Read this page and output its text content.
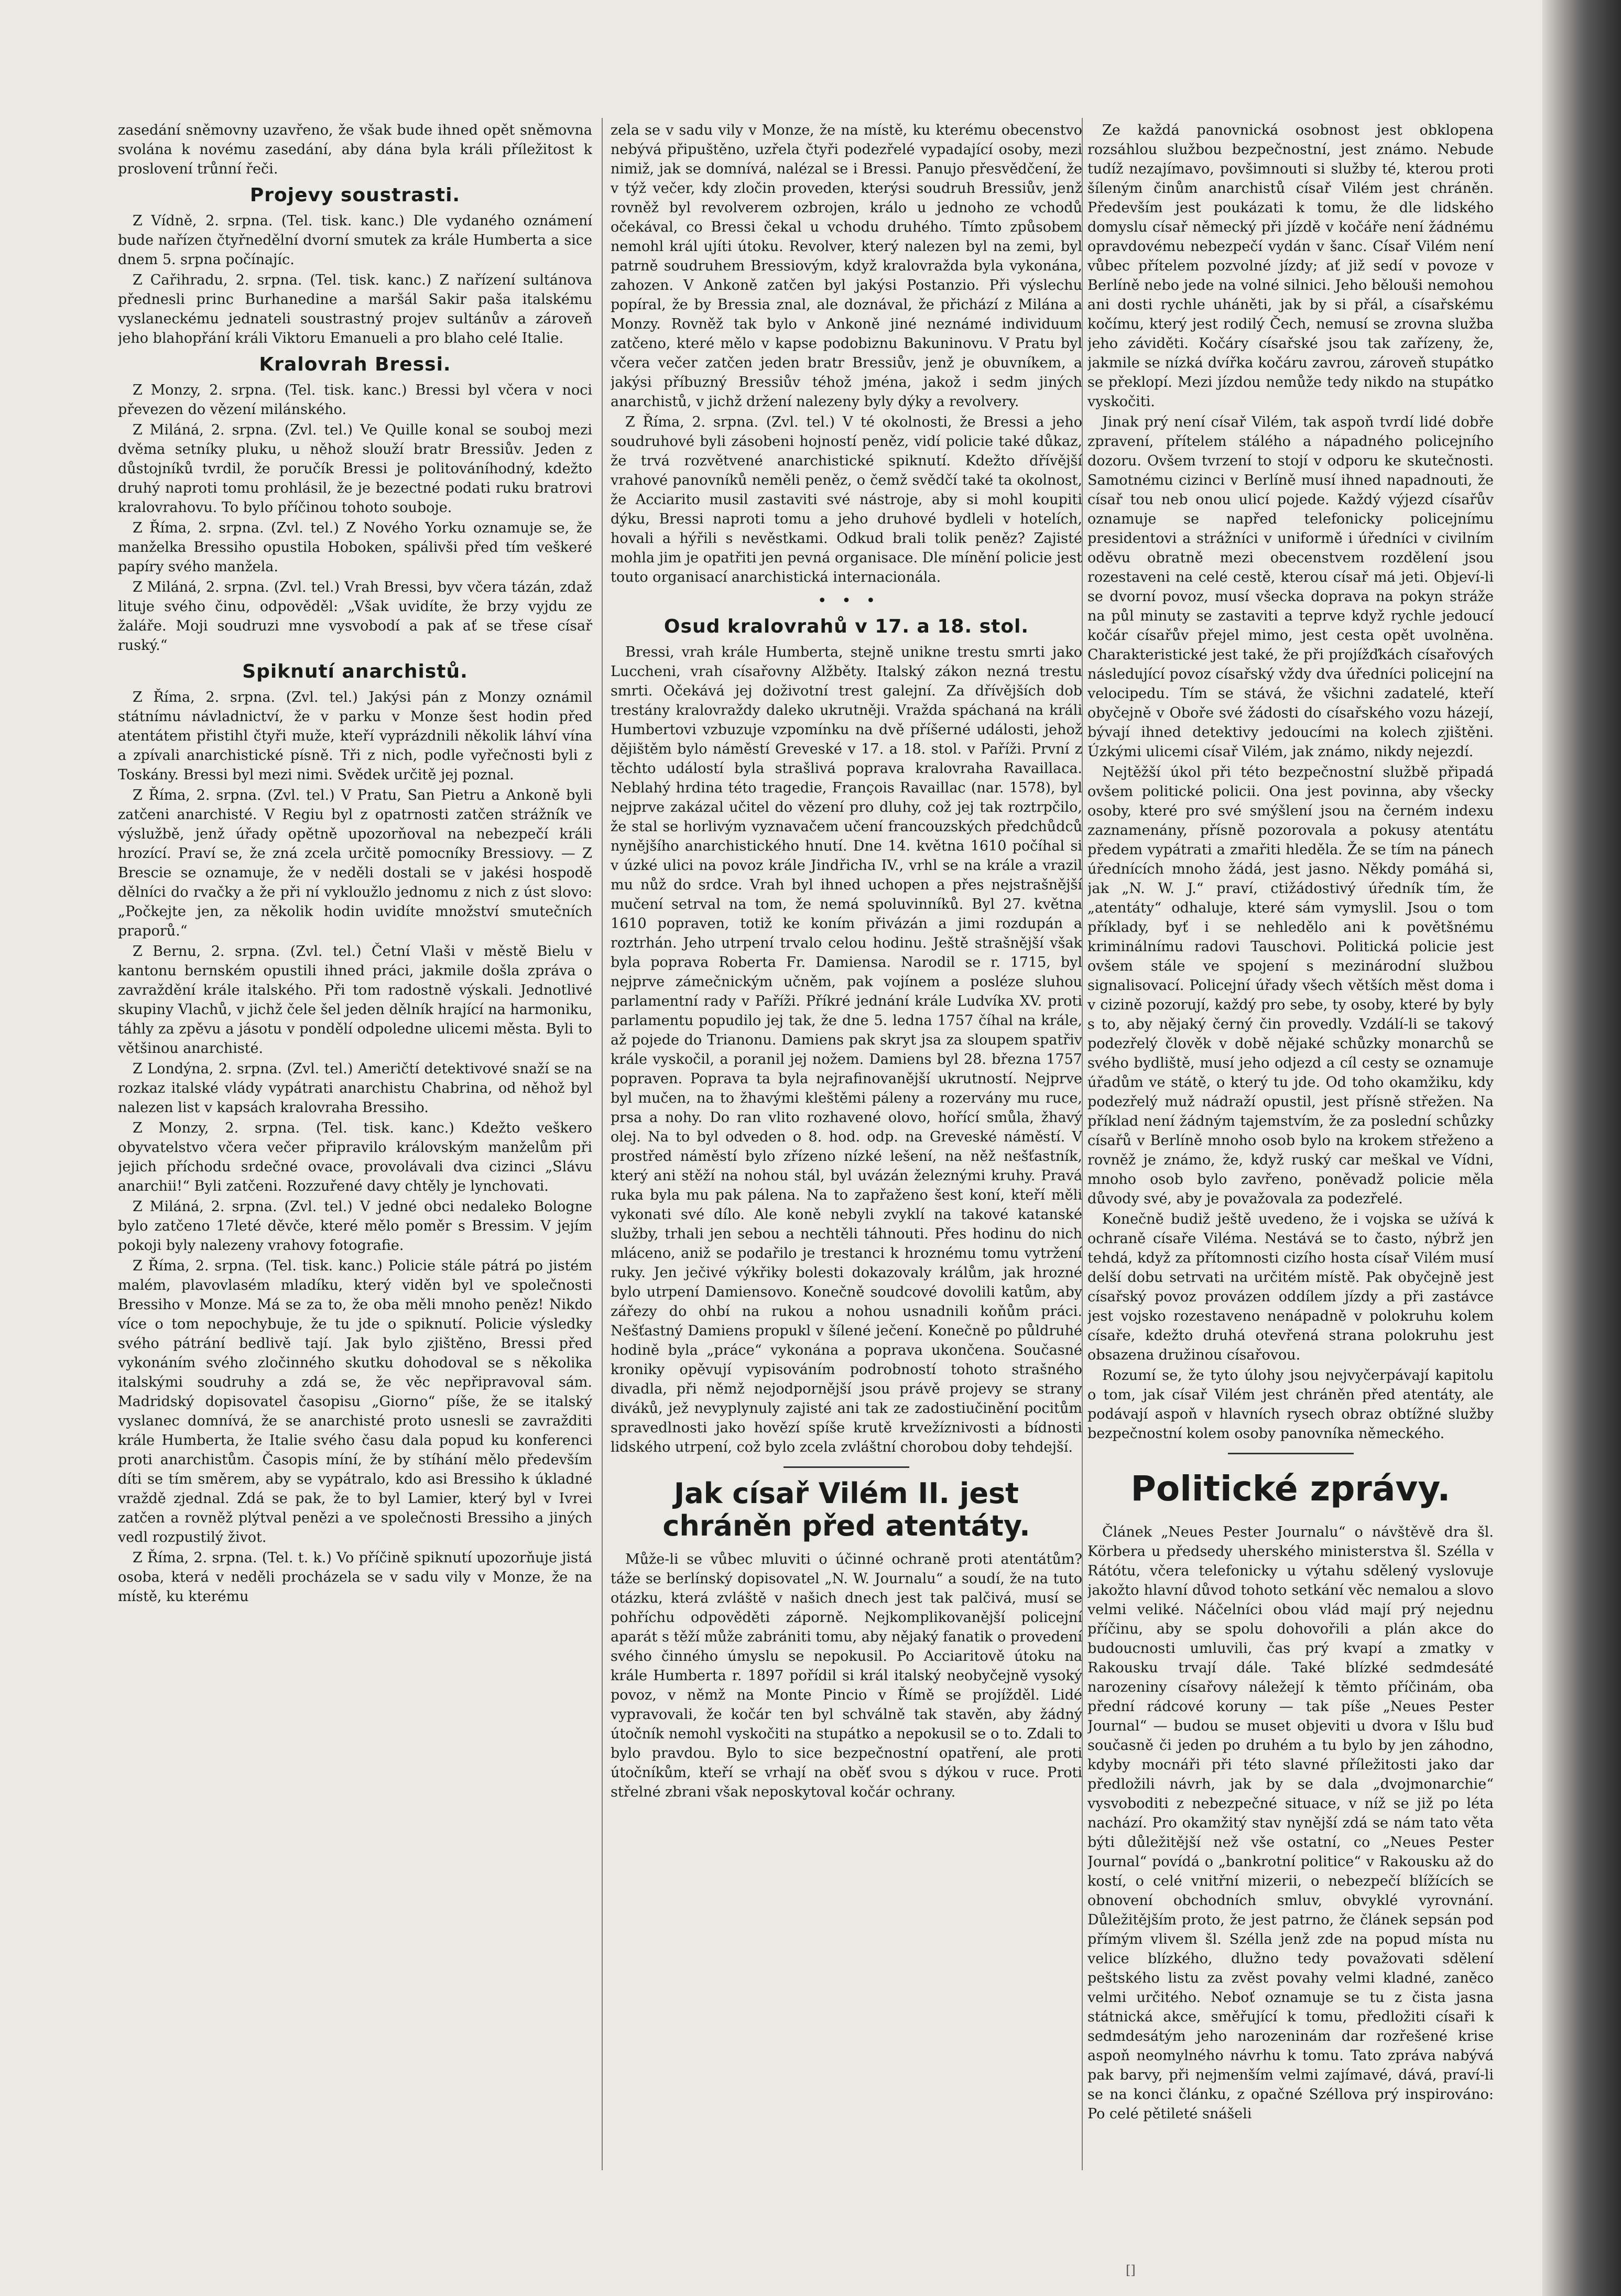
zasedání sněmovny uzavřeno, že však bude ihned opět sněmovna svolána k novému zasedání, aby dána byla králi příležitost k proslovení trůnní řeči.

Projevy soustrasti.

Z Vídně, 2. srpna. (Tel. tisk. kanc.) Dle vydaného oznámení bude nařízen čtyřnedělní dvorní smutek za krále Humberta a sice dnem 5. srpna počínajíc.

Z Cařihradu, 2. srpna. (Tel. tisk. kanc.) Z nařízení sultánova přednesli princ Burhanedine a maršál Sakir paša italskému vyslaneckému jednateli soustrastný projev sultánův a zároveň jeho blahopřání králi Viktoru Emanueli a pro blaho celé Italie.

Kralovrah Bressi.

Z Monzy, 2. srpna. (Tel. tisk. kanc.) Bressi byl včera v noci převezen do vězení milánského.

Z Miláná, 2. srpna. (Zvl. tel.) Ve Quille konal se souboj mezi dvěma setníky pluku, u něhož slouží bratr Bressiův. Jeden z důstojníků tvrdil, že poručík Bressi je politováníhodný, kdežto druhý naproti tomu prohlásil, že je bezectné podati ruku bratrovi kralovrahovu. To bylo příčinou tohoto souboje.

Z Říma, 2. srpna. (Zvl. tel.) Z Nového Yorku oznamuje se, že manželka Bressiho opustila Hoboken, spálivši před tím veškeré papíry svého manžela.

Z Miláná, 2. srpna. (Zvl. tel.) Vrah Bressi, byv včera tázán, zdaž lituje svého činu, odpověděl: „Však uvidíte, že brzy vyjdu ze žaláře. Moji soudruzi mne vysvobodí a pak ať se třese císař ruský.“

Spiknutí anarchistů.

Z Říma, 2. srpna. (Zvl. tel.) Jakýsi pán z Monzy oznámil státnímu návladnictví, že v parku v Monze šest hodin před atentátem přistihl čtyři muže, kteří vyprázdnili několik láhví vína a zpívali anarchistické písně. Tři z nich, podle vyřečnosti byli z Toskány. Bressi byl mezi nimi. Svědek určitě jej poznal.

Z Říma, 2. srpna. (Zvl. tel.) V Pratu, San Pietru a Ankoně byli zatčeni anarchisté. V Regiu byl z opatrnosti zatčen strážník ve výslužbě, jenž úřady opětně upozorňoval na nebezpečí králi hrozící. Praví se, že zná zcela určitě pomocníky Bressiovy. — Z Brescie se oznamuje, že v neděli dostali se v jakési hospodě dělníci do rvačky a že při ní vykloužlo jednomu z nich z úst slovo: „Počkejte jen, za několik hodin uvidíte množství smutečních praporů.“

Z Bernu, 2. srpna. (Zvl. tel.) Četní Vlaši v městě Bielu v kantonu bernském opustili ihned práci, jakmile došla zpráva o zavraždění krále italského. Při tom radostně výskali. Jednotlivé skupiny Vlachů, v jichž čele šel jeden dělník hrající na harmoniku, táhly za zpěvu a jásotu v pondělí odpoledne ulicemi města. Byli to většinou anarchisté.

Z Londýna, 2. srpna. (Zvl. tel.) Američtí detektivové snaží se na rozkaz italské vlády vypátrati anarchistu Chabrina, od něhož byl nalezen list v kapsách kralovraha Bressiho.

Z Monzy, 2. srpna. (Tel. tisk. kanc.) Kdežto veškero obyvatelstvo včera večer připravilo královským manželům při jejich příchodu srdečné ovace, provolávali dva cizinci „Slávu anarchii!“ Byli zatčeni. Rozzuřené davy chtěly je lynchovati.

Z Miláná, 2. srpna. (Zvl. tel.) V jedné obci nedaleko Bologne bylo zatčeno 17leté děvče, které mělo poměr s Bressim. V jejím pokoji byly nalezeny vrahovy fotografie.

Z Říma, 2. srpna. (Tel. tisk. kanc.) Policie stále pátrá po jistém malém, plavovlasém mladíku, který viděn byl ve společnosti Bressiho v Monze. Má se za to, že oba měli mnoho peněz! Nikdo více o tom nepochybuje, že tu jde o spiknutí. Policie výsledky svého pátrání bedlivě tají. Jak bylo zjištěno, Bressi před vykonáním svého zločinného skutku dohodoval se s několika italskými soudruhy a zdá se, že věc nepřipravoval sám. Madridský dopisovatel časopisu „Giorno“ píše, že se italský vyslanec domnívá, že se anarchisté proto usnesli se zavražditi krále Humberta, že Italie svého času dala popud ku konferenci proti anarchistům. Časopis míní, že by stíhání mělo především díti se tím směrem, aby se vypátralo, kdo asi Bressiho k úkladné vraždě zjednal. Zdá se pak, že to byl Lamier, který byl v Ivrei zatčen a rovněž plýtval penězi a ve společnosti Bressiho a jiných vedl rozpustilý život.

Z Říma, 2. srpna. (Tel. t. k.) Vo příčině spiknutí upozorňuje jistá osoba, která v neděli procházela se v sadu vily v Monze, že na místě, ku kterému

zela se v sadu vily v Monze, že na místě, ku kterému obecenstvo nebývá připuštěno, uzřela čtyři podezřelé vypadající osoby, mezi nimiž, jak se domnívá, nalézal se i Bressi. Panujo přesvědčení, že v týž večer, kdy zločin proveden, kterýsi soudruh Bressiův, jenž rovněž byl revolverem ozbrojen, králo u jednoho ze vchodů očekával, co Bressi čekal u vchodu druhého. Tímto způsobem nemohl král ujíti útoku. Revolver, který nalezen byl na zemi, byl patrně soudruhem Bressiovým, když kralovražda byla vykonána, zahozen. V Ankoně zatčen byl jakýsi Postanzio. Při výslechu popíral, že by Bressia znal, ale doznával, že přichází z Milána a Monzy. Rovněž tak bylo v Ankoně jiné neznámé individuum zatčeno, které mělo v kapse podobiznu Bakuninovu. V Pratu byl včera večer zatčen jeden bratr Bressiův, jenž je obuvníkem, a jakýsi příbuzný Bressiův téhož jména, jakož i sedm jiných anarchistů, v jichž držení nalezeny byly dýky a revolvery.

Z Říma, 2. srpna. (Zvl. tel.) V té okolnosti, že Bressi a jeho soudruhové byli zásobeni hojností peněz, vidí policie také důkaz, že trvá rozvětvené anarchistické spiknutí. Kdežto dřívější vrahové panovníků neměli peněz, o čemž svědčí také ta okolnost, že Acciarito musil zastaviti své nástroje, aby si mohl koupiti dýku, Bressi naproti tomu a jeho druhové bydleli v hotelích, hovali a hýřili s nevěstkami. Odkud brali tolik peněz? Zajisté mohla jim je opatřiti jen pevná organisace. Dle mínění policie jest touto organisací anarchistická internacionála.

•   •   •
Osud kralovrahů v 17. a 18. stol.

Bressi, vrah krále Humberta, stejně unikne trestu smrti jako Luccheni, vrah císařovny Alžběty. Italský zákon nezná trestu smrti. Očekává jej doživotní trest galejní. Za dřívějších dob trestány kralovraždy daleko ukrutněji. Vražda spáchaná na králi Humbertovi vzbuzuje vzpomínku na dvě příšerné události, jehož dějištěm bylo náměstí Greveské v 17. a 18. stol. v Paříži. První z těchto událostí byla strašlivá poprava kralovraha Ravaillaca. Neblahý hrdina této tragedie, François Ravaillac (nar. 1578), byl nejprve zakázal učitel do vězení pro dluhy, což jej tak roztrpčilo, že stal se horlivým vyznavačem učení francouzských předchůdců nynějšího anarchistického hnutí. Dne 14. května 1610 počíhal si v úzké ulici na povoz krále Jindřicha IV., vrhl se na krále a vrazil mu nůž do srdce. Vrah byl ihned uchopen a přes nejstrašnější mučení setrval na tom, že nemá spoluvinníků. Byl 27. května 1610 popraven, totiž ke koním přivázán a jimi rozdupán a roztrhán. Jeho utrpení trvalo celou hodinu. Ještě strašnější však byla poprava Roberta Fr. Damiensa. Narodil se r. 1715, byl nejprve zámečnickým učněm, pak vojínem a posléze sluhou parlamentní rady v Paříži. Příkré jednání krále Ludvíka XV. proti parlamentu popudilo jej tak, že dne 5. ledna 1757 číhal na krále, až pojede do Trianonu. Damiens pak skryt jsa za sloupem spatřiv krále vyskočil, a poranil jej nožem. Damiens byl 28. března 1757 popraven. Poprava ta byla nejrafinovanější ukrutností. Nejprve byl mučen, na to žhavými kleštěmi páleny a rozervány mu ruce, prsa a nohy. Do ran vlito rozhavené olovo, hořící smůla, žhavý olej. Na to byl odveden o 8. hod. odp. na Greveské náměstí. V prostřed náměstí bylo zřízeno nízké lešení, na něž nešťastník, který ani stěží na nohou stál, byl uvázán železnými kruhy. Pravá ruka byla mu pak pálena. Na to zapřaženo šest koní, kteří měli vykonati své dílo. Ale koně nebyli zvyklí na takové katanské služby, trhali jen sebou a nechtěli táhnouti. Přes hodinu do nich mláceno, aniž se podařilo je trestanci k hroznému tomu vytržení ruky. Jen ječivé výkřiky bolesti dokazovaly králům, jak hrozné bylo utrpení Damiensovo. Konečně soudcové dovolili katům, aby zářezy do ohbí na rukou a nohou usnadnili koňům práci. Nešťastný Damiens propukl v šílené ječení. Konečně po půldruhé hodině byla „práce“ vykonána a poprava ukončena. Současné kroniky opěvují vypisováním podrobností tohoto strašného divadla, při němž nejodpornější jsou právě projevy se strany diváků, jež nevyplynuly zajisté ani tak ze zadostiučinění pocitům spravedlnosti jako hovězí spíše krutě krvežíznivosti a bídnosti lidského utrpení, což bylo zcela zvláštní chorobou doby tehdejší.

Jak císař Vilém II. jest chráněn před atentáty.

Může-li se vůbec mluviti o účinné ochraně proti atentátům? táže se berlínský dopisovatel „N. W. Journalu“ a soudí, že na tuto otázku, která zvláště v našich dnech jest tak palčivá, musí se pohříchu odpověděti záporně. Nejkomplikovanější policejní aparát s těží může zabrániti tomu, aby nějaký fanatik o provedení svého činného úmyslu se nepokusil. Po Acciaritově útoku na krále Humberta r. 1897 pořídil si král italský neobyčejně vysoký povoz, v němž na Monte Pincio v Římě se projížděl. Lidé vypravovali, že kočár ten byl schválně tak stavěn, aby žádný útočník nemohl vyskočiti na stupátko a nepokusil se o to. Zdali to bylo pravdou. Bylo to sice bezpečnostní opatření, ale proti útočníkům, kteří se vrhají na oběť svou s dýkou v ruce. Proti střelné zbrani však neposkytoval kočár ochrany.

Ze každá panovnická osobnost jest obklopena rozsáhlou službou bezpečnostní, jest známo. Nebude tudíž nezajímavo, povšimnouti si služby té, kterou proti šíleným činům anarchistů císař Vilém jest chráněn. Především jest poukázati k tomu, že dle lidského domyslu císař německý při jízdě v kočáře není žádnému opravdovému nebezpečí vydán v šanc. Císař Vilém není vůbec přítelem pozvolné jízdy; ať již sedí v povoze v Berlíně nebo jede na volné silnici. Jeho bělouši nemohou ani dosti rychle uháněti, jak by si přál, a císařskému kočímu, který jest rodilý Čech, nemusí se zrovna služba jeho záviděti. Kočáry císařské jsou tak zařízeny, že, jakmile se nízká dvířka kočáru zavrou, zároveň stupátko se překlopí. Mezi jízdou nemůže tedy nikdo na stupátko vyskočiti.

Jinak prý není císař Vilém, tak aspoň tvrdí lidé dobře zpravení, přítelem stálého a nápadného policejního dozoru. Ovšem tvrzení to stojí v odporu ke skutečnosti. Samotnému cizinci v Berlíně musí ihned napadnouti, že císař tou neb onou ulicí pojede. Každý výjezd císařův oznamuje se napřed telefonicky policejnímu presidentovi a strážníci v uniformě i úředníci v civilním oděvu obratně mezi obecenstvem rozdělení jsou rozestaveni na celé cestě, kterou císař má jeti. Objeví-li se dvorní povoz, musí všecka doprava na pokyn stráže na půl minuty se zastaviti a teprve když rychle jedoucí kočár císařův přejel mimo, jest cesta opět uvolněna. Charakteristické jest také, že při projížďkách císařových následující povoz císařský vždy dva úředníci policejní na velocipedu. Tím se stává, že všichni zadatelé, kteří obyčejně v Oboře své žádosti do císařského vozu házejí, bývají ihned detektivy jedoucími na kolech zjištěni. Úzkými ulicemi císař Vilém, jak známo, nikdy nejezdí.

Nejtěžší úkol při této bezpečnostní službě připadá ovšem politické policii. Ona jest povinna, aby všecky osoby, které pro své smýšlení jsou na černém indexu zaznamenány, přísně pozorovala a pokusy atentátu předem vypátrati a zmařiti hleděla. Že se tím na pánech úřednících mnoho žádá, jest jasno. Někdy pomáhá si, jak „N. W. J.“ praví, ctižádostivý úředník tím, že „atentáty“ odhaluje, které sám vymyslil. Jsou o tom příklady, byť i se nehledělo ani k povětšnému kriminálnímu radovi Tauschovi. Politická policie jest ovšem stále ve spojení s mezinárodní službou signalisovací. Policejní úřady všech větších měst doma i v cizině pozorují, každý pro sebe, ty osoby, které by byly s to, aby nějaký černý čin provedly. Vzdálí-li se takový podezřelý člověk v době nějaké schůzky monarchů se svého bydliště, musí jeho odjezd a cíl cesty se oznamuje úřadům ve státě, o který tu jde. Od toho okamžiku, kdy podezřelý muž nádraží opustil, jest přísně střežen. Na příklad není žádným tajemstvím, že za poslední schůzky císařů v Berlíně mnoho osob bylo na krokem střeženo a rovněž je známo, že, když ruský car meškal ve Vídni, mnoho osob bylo zavřeno, poněvadž policie měla důvody své, aby je považovala za podezřelé.

Konečně budiž ještě uvedeno, že i vojska se užívá k ochraně císaře Viléma. Nestává se to často, nýbrž jen tehdá, když za přítomnosti cizího hosta císař Vilém musí delší dobu setrvati na určitém místě. Pak obyčejně jest císařský povoz provázen oddílem jízdy a při zastávce jest vojsko rozestaveno nenápadně v polokruhu kolem císaře, kdežto druhá otevřená strana polokruhu jest obsazena družinou císařovou.

Rozumí se, že tyto úlohy jsou nejvyčerpávají kapitolu o tom, jak císař Vilém jest chráněn před atentáty, ale podávají aspoň v hlavních rysech obraz obtížné služby bezpečnostní kolem osoby panovníka německého.

Politické zprávy.

Článek „Neues Pester Journalu“ o návštěvě dra šl. Körbera u předsedy uherského ministerstva šl. Szélla v Rátótu, včera telefonicky u výtahu sdělený vyslovuje jakožto hlavní důvod tohoto setkání věc nemalou a slovo velmi veliké. Náčelníci obou vlád mají prý nejednu příčinu, aby se spolu dohovořili a plán akce do budoucnosti umluvili, čas prý kvapí a zmatky v Rakousku trvají dále. Také blízké sedmdesáté narozeniny císařovy náležejí k těmto příčinám, oba přední rádcové koruny — tak píše „Neues Pester Journal“ — budou se muset objeviti u dvora v Išlu buď současně či jeden po druhém a tu bylo by jen záhodno, kdyby mocnáři při této slavné příležitosti jako dar předložili návrh, jak by se dala „dvojmonarchie“ vysvoboditi z nebezpečné situace, v níž se již po léta nachází. Pro okamžitý stav nynější zdá se nám tato věta býti důležitější než vše ostatní, co „Neues Pester Journal“ povídá o „bankrotní politice“ v Rakousku až do kostí, o celé vnitřní mizerii, o nebezpečí blížících se obnovení obchodních smluv, obvyklé vyrovnání. Důležitějším proto, že jest patrno, že článek sepsán pod přímým vlivem šl. Szélla jenž zde na popud místa nu velice blízkého, dlužno tedy považovati sdělení peštského listu za zvěst povahy velmi kladné, zaněco velmi určitého. Neboť oznamuje se tu z čista jasna státnická akce, směřující k tomu, předložiti císaři k sedmdesátým jeho narozeninám dar rozřešené krise aspoň neomylného návrhu k tomu. Tato zpráva nabývá pak barvy, při nejmenším velmi zajímavé, dává, praví-li se na konci článku, z opačné Széllova prý inspirováno: Po celé pětileté snášeli

[]
